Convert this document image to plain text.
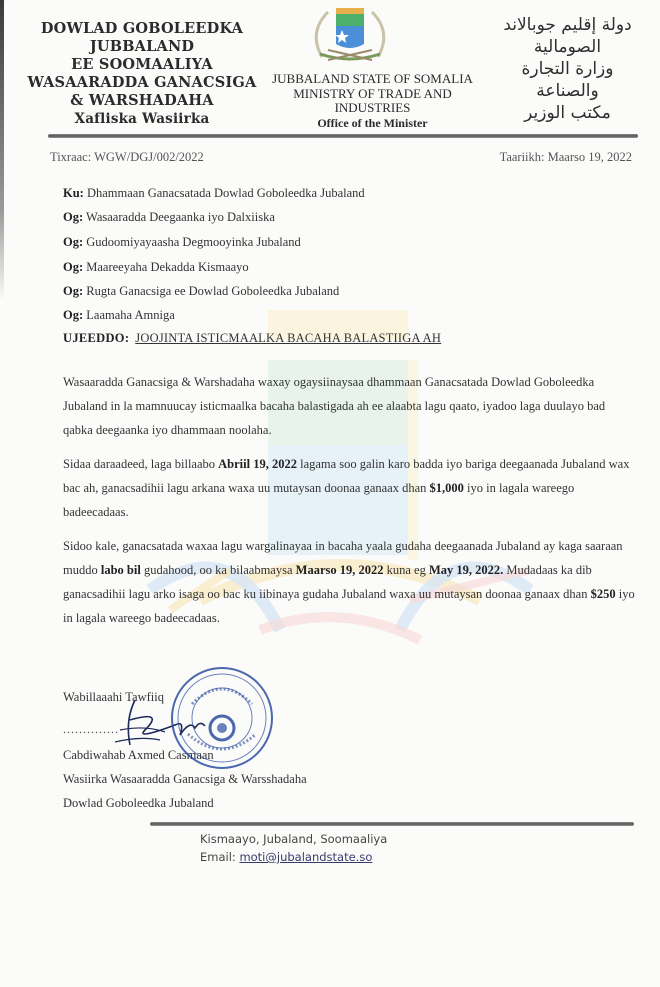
DOWLAD GOBOLEEDKA
JUBBALAND
EE SOOMAALIYA
WASAARADDA GANACSIGA
& WARSHADAHA
Xafliska Wasiirka
JUBBALAND STATE OF SOMALIA
MINISTRY OF TRADE AND
INDUSTRIES
Office of the Minister
دولة إقليم جوبالاند
الصومالية
وزارة التجارة
والصناعة
مكتب الوزير
Tixraac: WGW/DGJ/002/2022	Taariikh: Maarso 19, 2022
Ku: Dhammaan Ganacsatada Dowlad Goboleedka Jubaland
Og: Wasaaradda Deegaanka iyo Dalxiiska
Og: Gudoomiyayaasha Degmooyinka Jubaland
Og: Maareeyaha Dekadda Kismaayo
Og: Rugta Ganacsiga ee Dowlad Goboleedka Jubaland
Og: Laamaha Amniga
UJEEDDO: JOOJINTA ISTICMAALKA BACAHA BALASTIIGA AH
Wasaaradda Ganacsiga & Warshadaha waxay ogaysiinaysaa dhammaan Ganacsatada Dowlad Goboleedka Jubaland in la mamnuucay isticmaalka bacaha balastigada ah ee alaabta lagu qaato, iyadoo laga duulayo bad qabka deegaanka iyo dhammaan noolaha.
Sidaa daraadeed, laga billaabo Abriil 19, 2022 lagama soo galin karo badda iyo bariga deegaanada Jubaland wax bac ah, ganacsadihii lagu arkana waxa uu mutaysan doonaa ganaax dhan $1,000 iyo in lagala wareego badeecadaas.
Sidoo kale, ganacsatada waxaa lagu wargalinayaa in bacaha yaala gudaha deegaanada Jubaland ay kaga saaraan muddo labo bil gudahood, oo ka bilaabmaysa Maarso 19, 2022 kuna eg May 19, 2022. Mudadaas ka dib ganacsadihii lagu arko isaga oo bac ku iibinaya gudaha Jubaland waxa uu mutaysan doonaa ganaax dhan $250 iyo in lagala wareego badeecadaas.
Wabillaaahi Tawfiiq
..............
Cabdiwahab Axmed Casmaan
Wasiirka Wasaaradda Ganacsiga & Warsshadaha
Dowlad Goboleedka Jubaland
Kismaayo, Jubaland, Soomaaliya
Email: moti@jubalandstate.so
